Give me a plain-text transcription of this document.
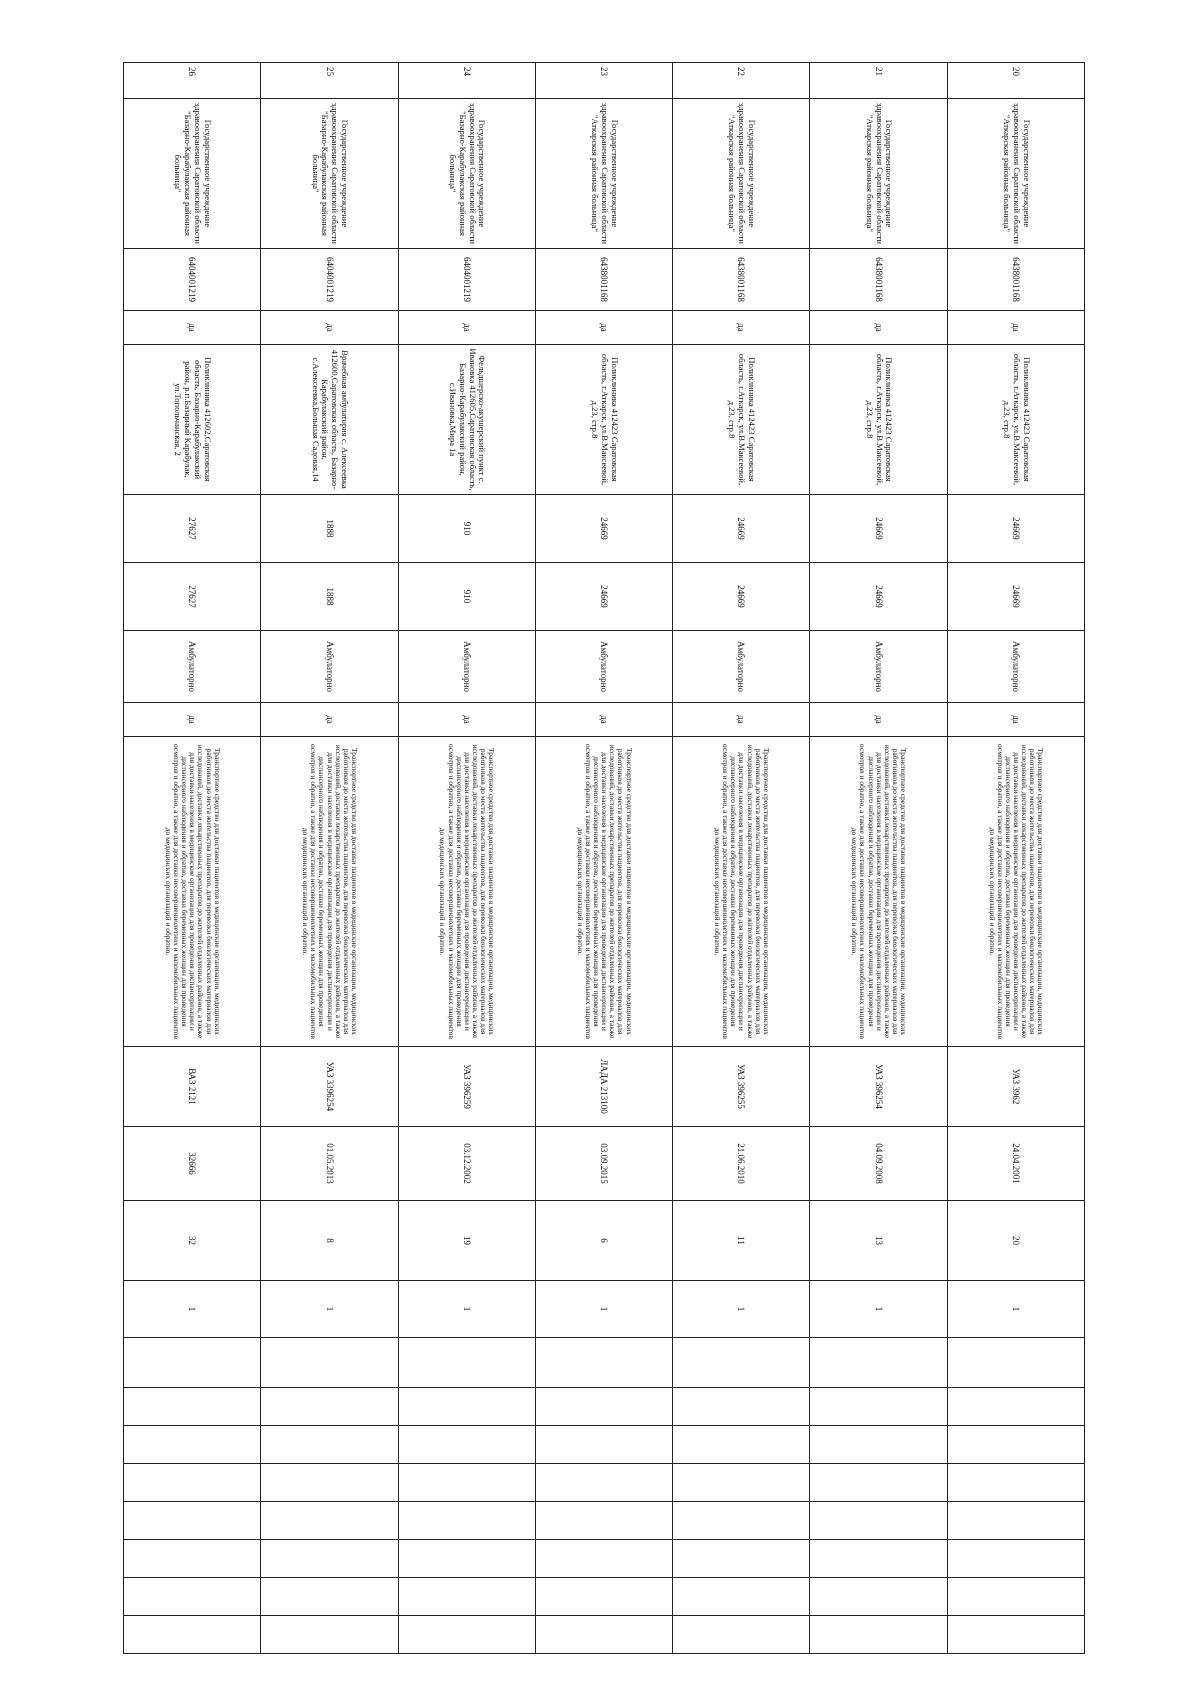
20	Государственное учреждение здравоохранения Саратовской области "Аткарская районная больница"	6438001168	да	Поликлиника 412423 Саратовская область, г.Аткарск, ул.В.Максеевой, д.23, стр.8	24669	24669	Амбулаторно	да	Транспортное средство для доставки пациентов в медицинские организации, медицинских работников до места жительства пациентов, для перевозки биологических материалов для исследований, доставки лекарственных препаратов до жителей отдаленных районов, а также для доставки населения в медицинские организации для проведения диспансеризации и диспансерного наблюдения и обратно, доставки беременных женщин для проведения осмотров и обратно, а также для доставки несовершеннолетних и маломобильных пациентов до медицинских организаций и обратно.	УАЗ 3962	24.04.2001	20	1								
21	Государственное учреждение здравоохранения Саратовской области "Аткарская районная больница"	6438001168	да	Поликлиника 412423 Саратовская область, г.Аткарск, ул.В.Максеевой, д.23, стр.8	24669	24669	Амбулаторно	да	Транспортное средство для доставки пациентов в медицинские организации, медицинских работников до места жительства пациентов, для перевозки биологических материалов для исследований, доставки лекарственных препаратов до жителей отдаленных районов, а также для доставки населения в медицинские организации для проведения диспансеризации и диспансерного наблюдения и обратно, доставки беременных женщин для проведения осмотров и обратно, а также для доставки несовершеннолетних и маломобильных пациентов до медицинских организаций и обратно.	УАЗ 396254	04.09.2008	13	1								
22	Государственное учреждение здравоохранения Саратовской области "Аткарская районная больница"	6438001168	да	Поликлиника 412423 Саратовская область, г.Аткарск, ул.В.Максеевой, д.23, стр.8	24669	24669	Амбулаторно	да	Транспортное средство для доставки пациентов в медицинские организации, медицинских работников до места жительства пациентов, для перевозки биологических материалов для исследований, доставки лекарственных препаратов до жителей отдаленных районов, а также для доставки населения в медицинские организации для проведения диспансеризации и диспансерного наблюдения и обратно, доставки беременных женщин для проведения осмотров и обратно, а также для доставки несовершеннолетних и маломобильных пациентов до медицинских организаций и обратно.	УАЗ 396255	21.06.2010	11	1								
23	Государственное учреждение здравоохранения Саратовской области "Аткарская районная больница"	6438001168	да	Поликлиника 412423 Саратовская область, г.Аткарск, ул.В.Максеевой, д.23, стр.8	24669	24669	Амбулаторно	да	Транспортное средство для доставки пациентов в медицинские организации, медицинских работников до места жительства пациентов, для перевозки биологических материалов для исследований, доставки лекарственных препаратов до жителей отдаленных районов, а также для доставки населения в медицинские организации для проведения диспансеризации и диспансерного наблюдения и обратно, доставки беременных женщин для проведения осмотров и обратно, а также для доставки несовершеннолетних и маломобильных пациентов до медицинских организаций и обратно.	ЛАДА 213100	03.09.2015	6	1								
24	Государственное учреждение здравоохранения Саратовской области "Базарно-Карабулакская районная больница"	6404001219	да	Фельдшерско-акушерский пункт с. Ивановка 412605,Саратовская область, Базарно-Карабулакский район, с.Ивановка,Мира 1а	910	910	Амбулаторно	да	Транспортное средство для доставки пациентов в медицинские организации, медицинских работников до места жительства пациентов, для перевозки биологических материалов для исследований, доставки лекарственных препаратов до жителей отдаленных районов, а также для доставки населения в медицинские организации для проведения диспансеризации и диспансерного наблюдения и обратно, доставки беременных женщин для проведения осмотров и обратно, а также для доставки несовершеннолетних и маломобильных пациентов до медицинских организаций и обратно.	УАЗ 396259	03.12.2002	19	1								
25	Государственное учреждение здравоохранения Саратовской области "Базарно-Карабулакская районная больница"	6404001219	да	Врачебная амбулатория с. Алексеевка 412600,Саратовская область, Базарно-Карабулакский район, с.Алексеевка,Большая Садовая,14	1888	1888	Амбулаторно	да	Транспортное средство для доставки пациентов в медицинские организации, медицинских работников до места жительства пациентов, для перевозки биологических материалов для исследований, доставки лекарственных препаратов до жителей отдаленных районов, а также для доставки населения в медицинские организации для проведения диспансеризации и диспансерного наблюдения и обратно, доставки беременных женщин для проведения осмотров и обратно, а также для доставки несовершеннолетних и маломобильных пациентов до медицинских организаций и обратно.	УАЗ 3396254	01.05.2013	8	1								
26	Государственное учреждение здравоохранения Саратовской области "Базарно-Карабулакская районная больница"	6404001219	да	Поликлиника 412602,Саратовская область, Базарно-Карабулакский район, р.п.Базарный Карабулак, ул.Топольчанская, 2	27627	27627	Амбулаторно	да	Транспортное средство для доставки пациентов в медицинские организации, медицинских работников до места жительства пациентов, для перевозки биологических материалов для исследований, доставки лекарственных препаратов до жителей отдаленных районов, а также для доставки населения в медицинские организации для проведения диспансеризации и диспансерного наблюдения и обратно, доставки беременных женщин для проведения осмотров и обратно, а также для доставки несовершеннолетних и маломобильных пациентов до медицинских организаций и обратно.	ВАЗ 2121	32666	32	1								
